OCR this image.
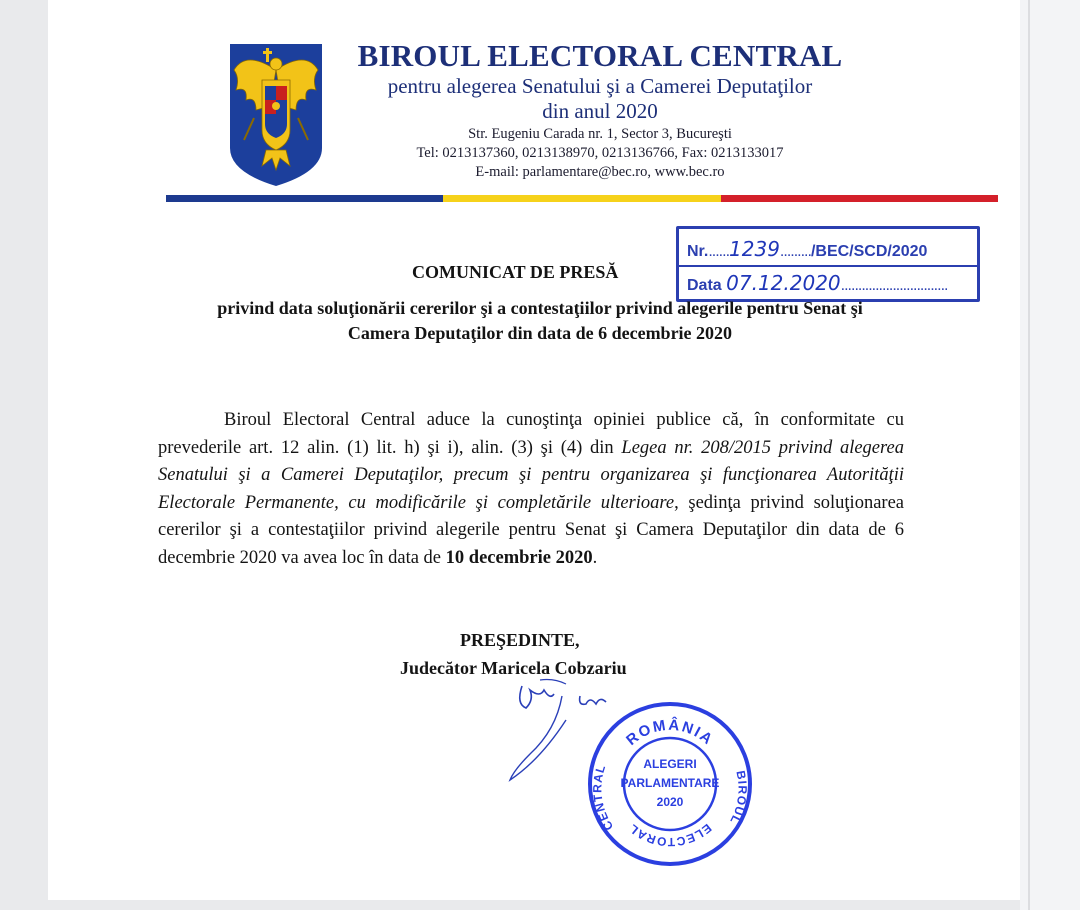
BIROUL ELECTORAL CENTRAL
pentru alegerea Senatului şi a Camerei Deputaţilor
din anul 2020
Str. Eugeniu Carada nr. 1, Sector 3, Bucureşti
Tel: 0213137360, 0213138970, 0213136766, Fax: 0213133017
E-mail: parlamentare@bec.ro, www.bec.ro
Nr.......1239........./BEC/SCD/2020
Data 07.12.2020...............................
COMUNICAT DE PRESĂ
privind data soluţionării cererilor şi a contestaţiilor privind alegerile pentru Senat şi
Camera Deputaţilor din data de 6 decembrie 2020
Biroul Electoral Central aduce la cunoştinţa opiniei publice că, în conformitate cu prevederile art. 12 alin. (1) lit. h) şi i), alin. (3) şi (4) din Legea nr. 208/2015 privind alegerea Senatului şi a Camerei Deputaţilor, precum şi pentru organizarea şi funcţionarea Autorităţii Electorale Permanente, cu modificările şi completările ulterioare, şedinţa privind soluţionarea cererilor şi a contestaţiilor privind alegerile pentru Senat şi Camera Deputaţilor din data de 6 decembrie 2020 va avea loc în data de 10 decembrie 2020.
PREŞEDINTE,
Judecător Maricela Cobzariu
ROMÂNIA
CENTRAL
ELECTORAL
BIROUL
ALEGERI
PARLAMENTARE
2020
